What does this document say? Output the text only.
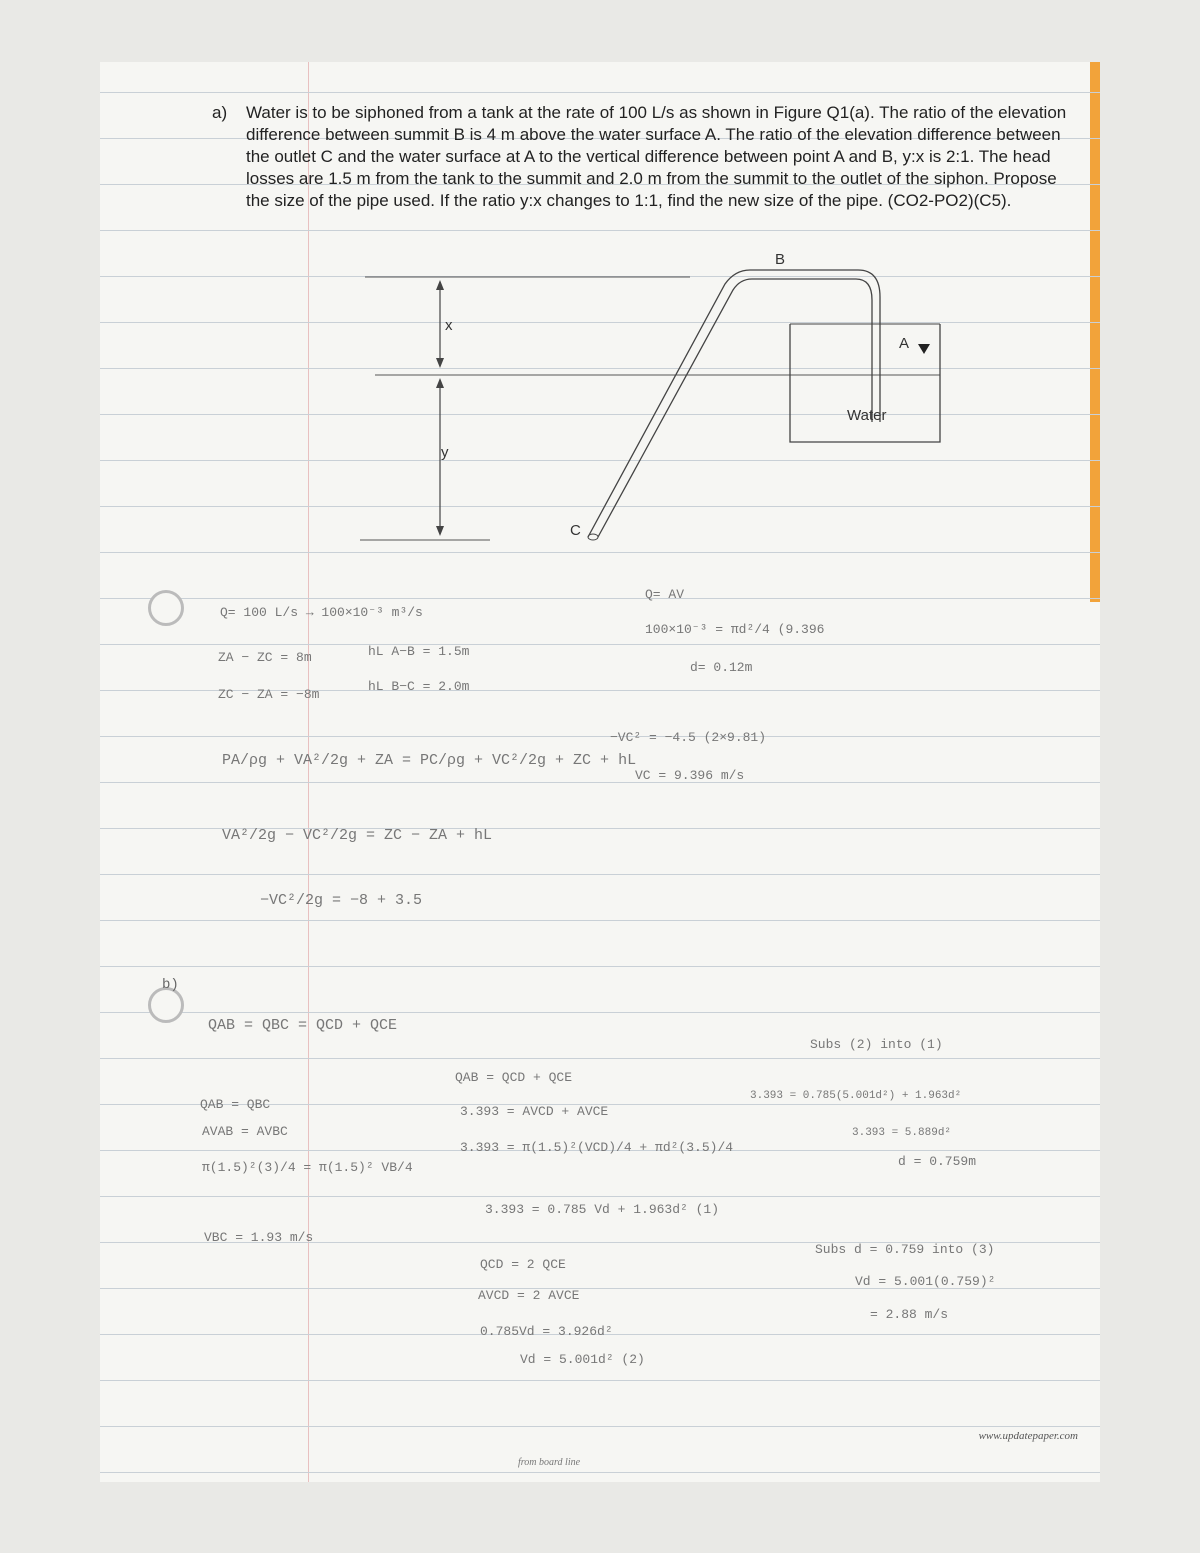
a) Water is to be siphoned from a tank at the rate of 100 L/s as shown in Figure Q1(a). The ratio of the elevation difference between summit B is 4 m above the water surface A. The ratio of the elevation difference between the outlet C and the water surface at A to the vertical difference between point A and B, y:x is 2:1. The head losses are 1.5 m from the tank to the summit and 2.0 m from the summit to the outlet of the siphon. Propose the size of the pipe used. If the ratio y:x changes to 1:1, find the new size of the pipe. (CO2-PO2)(C5).
x
y
Water
A
B
C
Q= 100 L/s → 100×10⁻³ m³/s
ZA − ZC = 8m
ZC − ZA = −8m
hL A−B = 1.5m
hL B−C = 2.0m
PA/ρg + VA²/2g + ZA = PC/ρg + VC²/2g + ZC + hL
VA²/2g − VC²/2g = ZC − ZA + hL
−VC²/2g = −8 + 3.5
Q= AV
100×10⁻³ = πd²/4 (9.396
d= 0.12m
−VC² = −4.5 (2×9.81)
VC = 9.396 m/s
b)
QAB = QBC = QCD + QCE
QAB = QBC
AVAB = AVBC
π(1.5)²(3)/4 = π(1.5)² VB/4
VBC = 1.93 m/s
QAB = QCD + QCE
3.393 = AVCD + AVCE
3.393 = π(1.5)²(VCD)/4 + πd²(3.5)/4
3.393 = 0.785 Vd + 1.963d² (1)
QCD = 2 QCE
AVCD = 2 AVCE
0.785Vd = 3.926d²
Vd = 5.001d² (2)
Subs (2) into (1)
3.393 = 0.785(5.001d²) + 1.963d²
3.393 = 5.889d²
d = 0.759m
Subs d = 0.759 into (3)
Vd = 5.001(0.759)²
= 2.88 m/s
www.updatepaper.com
from board line
